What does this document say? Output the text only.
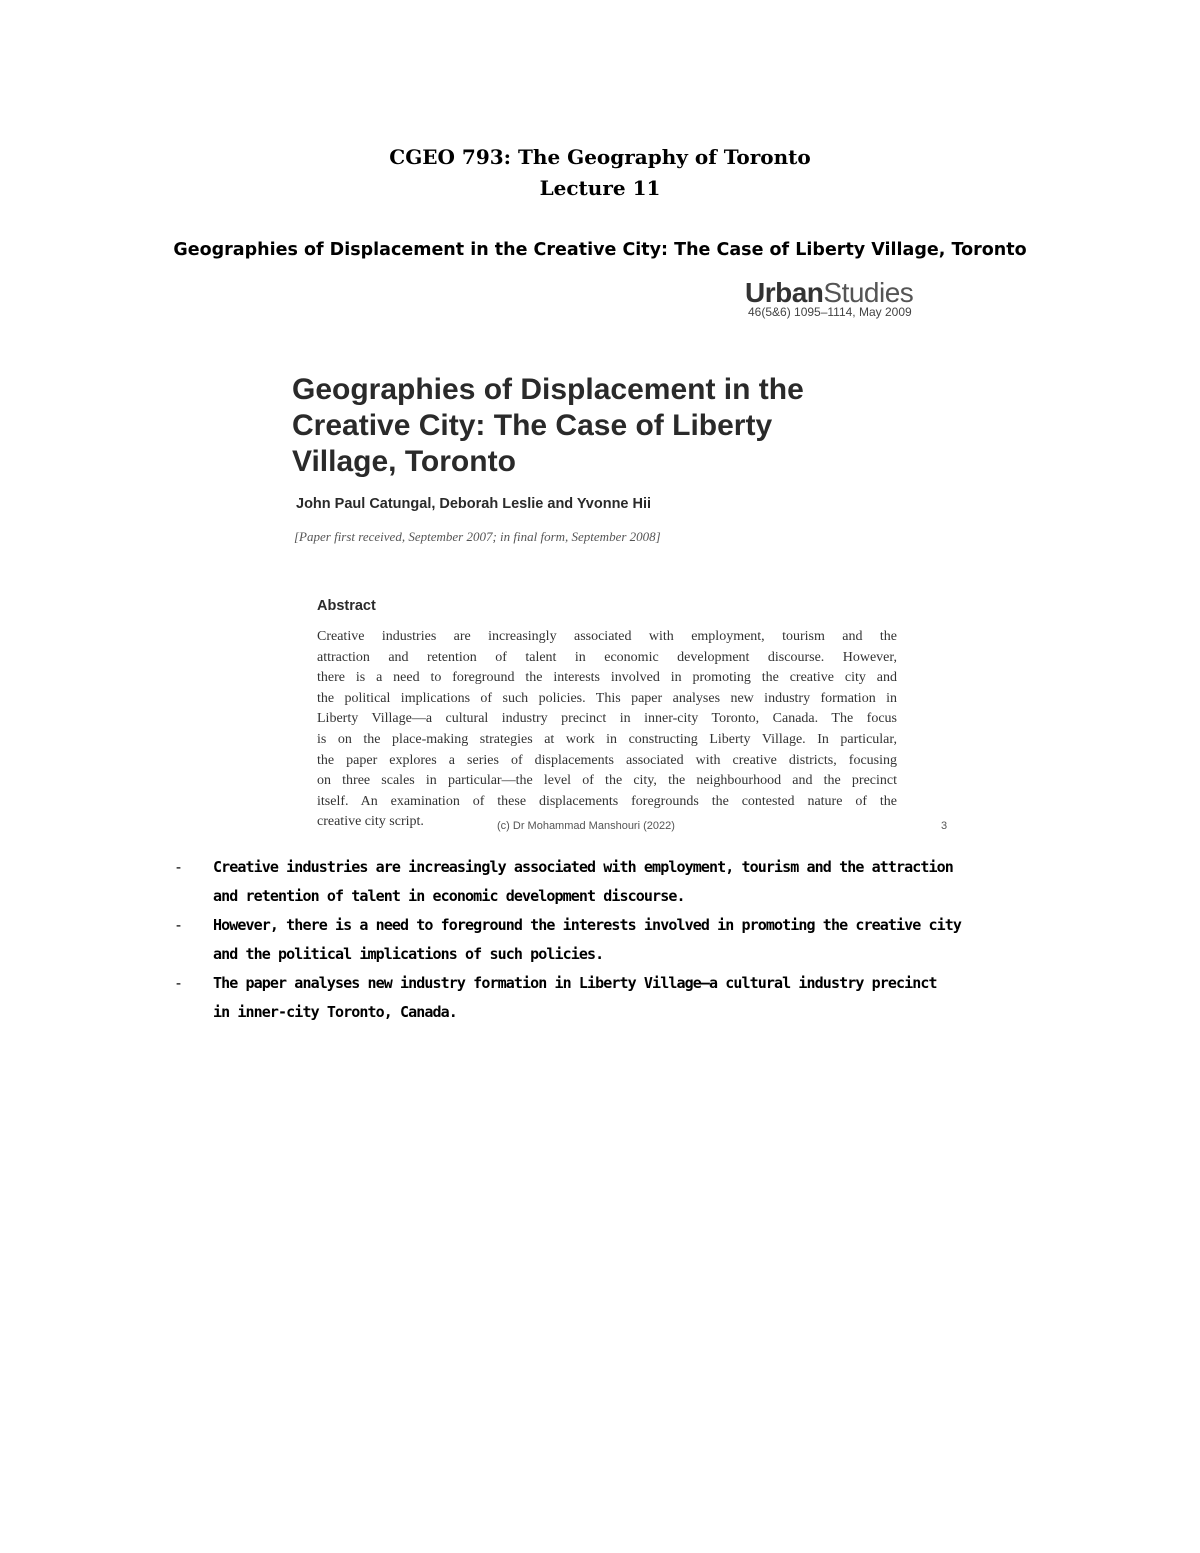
CGEO 793: The Geography of Toronto
Lecture 11
Geographies of Displacement in the Creative City: The Case of Liberty Village, Toronto
UrbanStudies
46(5&6) 1095–1114, May 2009
Geographies of Displacement in the
Creative City: The Case of Liberty
Village, Toronto
John Paul Catungal, Deborah Leslie and Yvonne Hii
[Paper first received, September 2007; in final form, September 2008]
Abstract
Creative industries are increasingly associated with employment, tourism and the
attraction and retention of talent in economic development discourse. However,
there is a need to foreground the interests involved in promoting the creative city and
the political implications of such policies. This paper analyses new industry formation in
Liberty Village—a cultural industry precinct in inner-city Toronto, Canada. The focus
is on the place-making strategies at work in constructing Liberty Village. In particular,
the paper explores a series of displacements associated with creative districts, focusing
on three scales in particular—the level of the city, the neighbourhood and the precinct
itself. An examination of these displacements foregrounds the contested nature of the
creative city script.	(c) Dr Mohammad Manshouri (2022)	3
- Creative industries are increasingly associated with employment, tourism and the attraction
and retention of talent in economic development discourse.
- However, there is a need to foreground the interests involved in promoting the creative city
and the political implications of such policies.
- The paper analyses new industry formation in Liberty Village—a cultural industry precinct
in inner-city Toronto, Canada.
